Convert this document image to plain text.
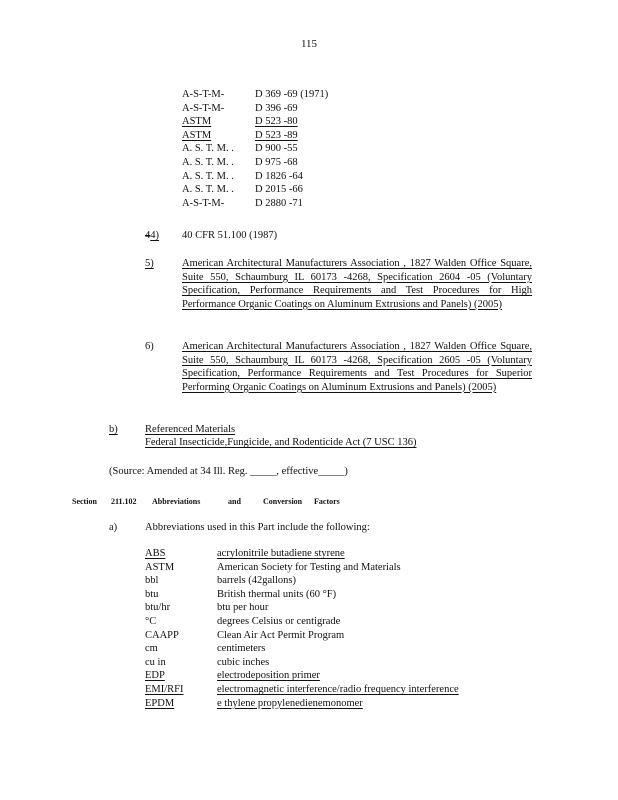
115
A-S-T-M-	D 369 -69 (1971)
A-S-T-M-	D 396 -69
ASTM	D 523 -80
ASTM	D 523 -89
A. S. T. M. . D 900 -55
A. S. T. M. . D 975 -68
A. S. T. M. . D 1826 -64
A. S. T. M. . D 2015 -66
A-S-T-M-	D 2880 -71
44) 40 CFR 51.100 (1987)
5)	American Architectural Manufacturers Association , 1827 Walden Office Square, Suite 550, Schaumburg IL 60173 -4268, Specification 2604 -05 (Voluntary Specification, Performance Requirements and Test Procedures for High Performance Organic Coatings on Aluminum Extrusions and Panels) (2005)
6)	American Architectural Manufacturers Association , 1827 Walden Office Square, Suite 550, Schaumburg IL 60173 -4268, Specification 2605 -05 (Voluntary Specification, Performance Requirements and Test Procedures for Superior Performing Organic Coatings on Aluminum Extrusions and Panels) (2005)
b)	Referenced Materials
Federal Insecticide,Fungicide, and Rodenticide Act (7 USC 136)
(Source: Amended at 34 Ill. Reg. _____, effective_____)
Section 211.102 Abbreviations	and	Conversion Factors
a)	Abbreviations used in this Part include the following:
ABS	acrylonitrile butadiene styrene
ASTM	American Society for Testing and Materials
bbl	barrels (42gallons)
btu	British thermal units (60 °F)
btu/hr	btu per hour
°C	degrees Celsius or centigrade
CAAPP	Clean Air Act Permit Program
cm	centimeters
cu in	cubic inches
EDP	electrodeposition primer
EMI/RFI	electromagnetic interference/radio frequency interference
EPDM	e thylene propylenedienemonomer
